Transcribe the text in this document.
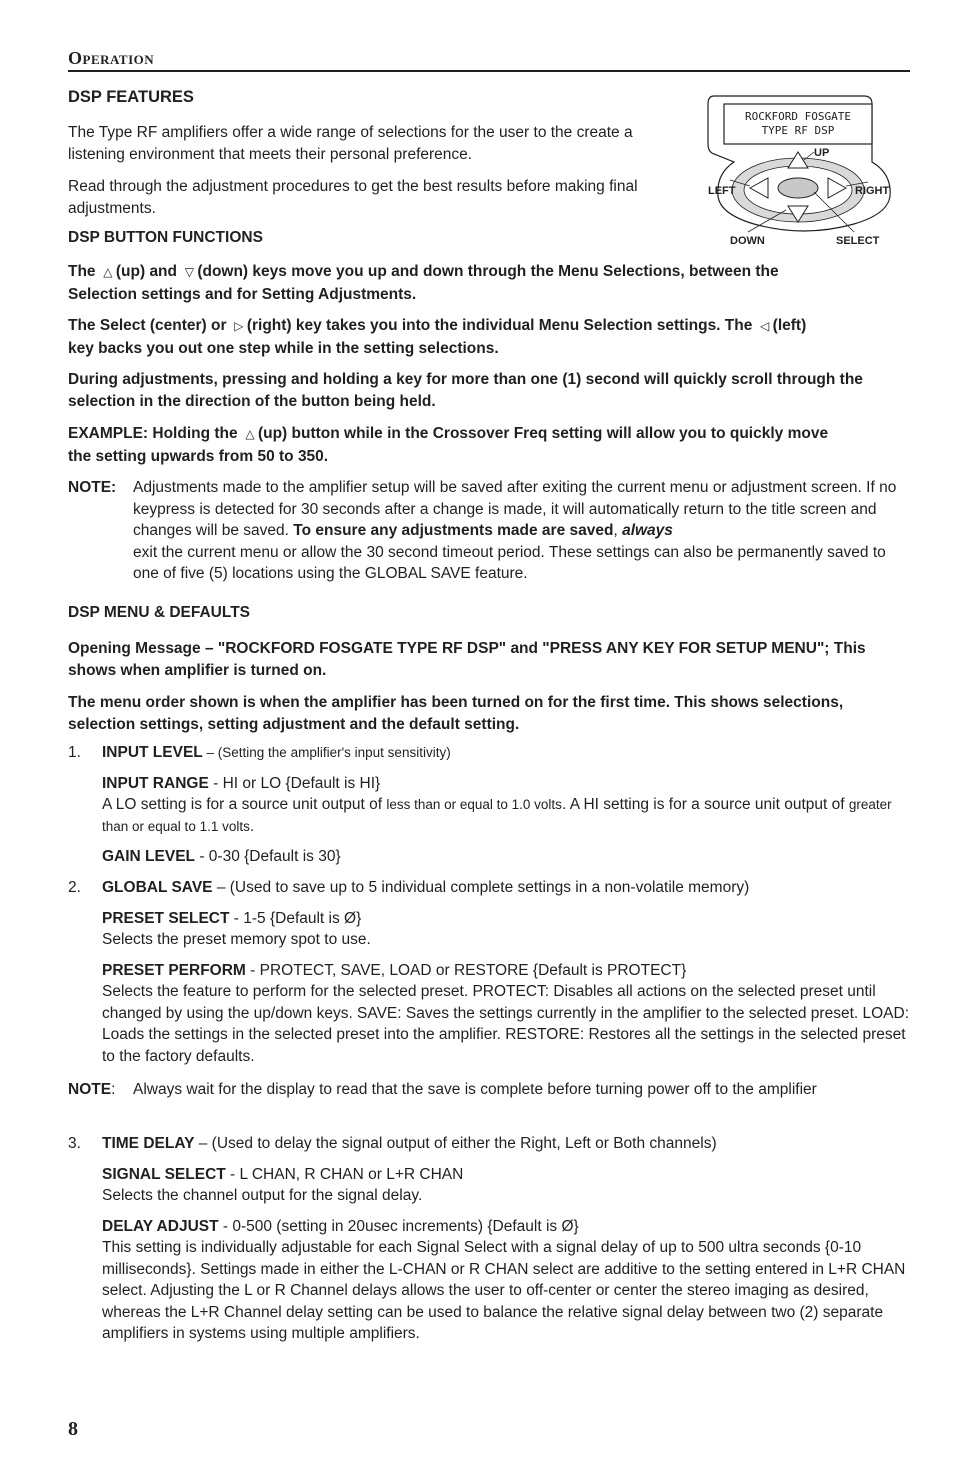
Operation
DSP FEATURES

The Type RF amplifiers offer a wide range of selections for the user to the create a listening environment that meets their personal preference.

Read through the adjustment procedures to get the best results before making final adjustments.

ROCKFORD FOSGATE
TYPE RF DSP
UP
LEFT	RIGHT
DOWN	SELECT
DSP BUTTON FUNCTIONS

The △ (up) and ▽ (down) keys move you up and down through the Menu Selections, between the
Selection settings and for Setting Adjustments.

The Select (center) or ▷ (right) key takes you into the individual Menu Selection settings. The ◁ (left)
key backs you out one step while in the setting selections.

During adjustments, pressing and holding a key for more than one (1) second will quickly scroll through the selection in the direction of the button being held.

EXAMPLE: Holding the △ (up) button while in the Crossover Freq setting will allow you to quickly move
the setting upwards from 50 to 350.

NOTE: Adjustments made to the amplifier setup will be saved after exiting the current menu or adjustment screen. If no keypress is detected for 30 seconds after a change is made, it will automatically return to the title screen and changes will be saved. To ensure any adjustments made are saved, always
exit the current menu or allow the 30 second timeout period. These settings can also be permanently saved to one of five (5) locations using the GLOBAL SAVE feature.

DSP MENU & DEFAULTS

Opening Message – "ROCKFORD FOSGATE TYPE RF DSP" and "PRESS ANY KEY FOR SETUP MENU"; This shows when amplifier is turned on.

The menu order shown is when the amplifier has been turned on for the first time. This shows selections, selection settings, setting adjustment and the default setting.

1. INPUT LEVEL – (Setting the amplifier's input sensitivity)

INPUT RANGE - HI or LO {Default is HI}
A LO setting is for a source unit output of less than or equal to 1.0 volts. A HI setting is for a source unit output of greater than or equal to 1.1 volts.

GAIN LEVEL - 0-30 {Default is 30}

2. GLOBAL SAVE – (Used to save up to 5 individual complete settings in a non-volatile memory)

PRESET SELECT - 1-5 {Default is Ø}
Selects the preset memory spot to use.

PRESET PERFORM - PROTECT, SAVE, LOAD or RESTORE {Default is PROTECT}
Selects the feature to perform for the selected preset. PROTECT: Disables all actions on the selected preset until changed by using the up/down keys. SAVE: Saves the settings currently in the amplifier to the selected preset. LOAD: Loads the settings in the selected preset into the amplifier. RESTORE: Restores all the settings in the selected preset to the factory defaults.

NOTE: Always wait for the display to read that the save is complete before turning power off to the amplifier

3. TIME DELAY – (Used to delay the signal output of either the Right, Left or Both channels)

SIGNAL SELECT - L CHAN, R CHAN or L+R CHAN
Selects the channel output for the signal delay.

DELAY ADJUST - 0-500 (setting in 20usec increments) {Default is Ø}
This setting is individually adjustable for each Signal Select with a signal delay of up to 500 ultra seconds {0-10 milliseconds}. Settings made in either the L-CHAN or R CHAN select are additive to the setting entered in L+R CHAN select. Adjusting the L or R Channel delays allows the user to off-center or center the stereo imaging as desired, whereas the L+R Channel delay setting can be used to balance the relative signal delay between two (2) separate amplifiers in systems using multiple amplifiers.

8
